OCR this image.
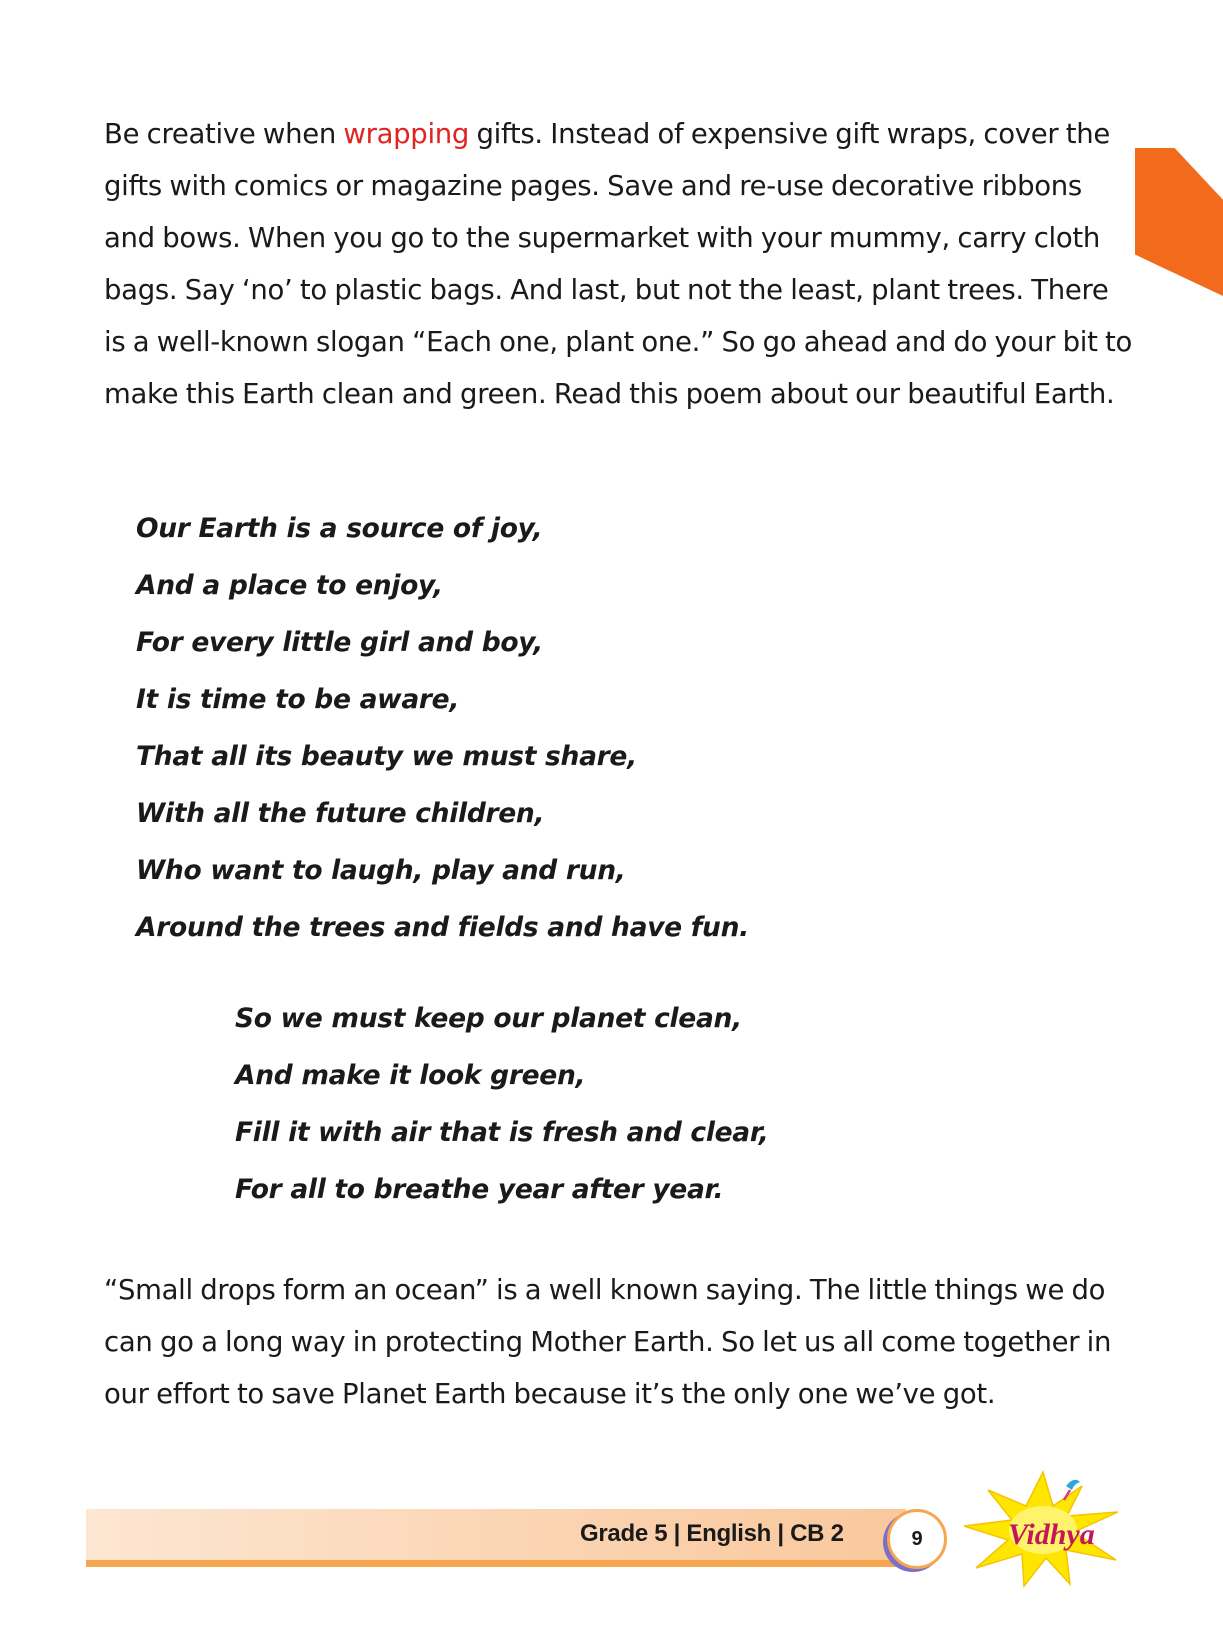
Be creative when wrapping gifts. Instead of expensive gift wraps, cover the gifts with comics or magazine pages. Save and re-use decorative ribbons and bows. When you go to the supermarket with your mummy, carry cloth bags. Say ‘no’ to plastic bags. And last, but not the least, plant trees. There is a well-known slogan “Each one, plant one.” So go ahead and do your bit to make this Earth clean and green. Read this poem about our beautiful Earth.

Our Earth is a source of joy,
And a place to enjoy,
For every little girl and boy,
It is time to be aware,
That all its beauty we must share,
With all the future children,
Who want to laugh, play and run,
Around the trees and fields and have fun.
So we must keep our planet clean,
And make it look green,
Fill it with air that is fresh and clear,
For all to breathe year after year.

“Small drops form an ocean” is a well known saying. The little things we do can go a long way in protecting Mother Earth. So let us all come together in our effort to save Planet Earth because it’s the only one we’ve got.

Grade 5 | English | CB 2	9	Vidhya
